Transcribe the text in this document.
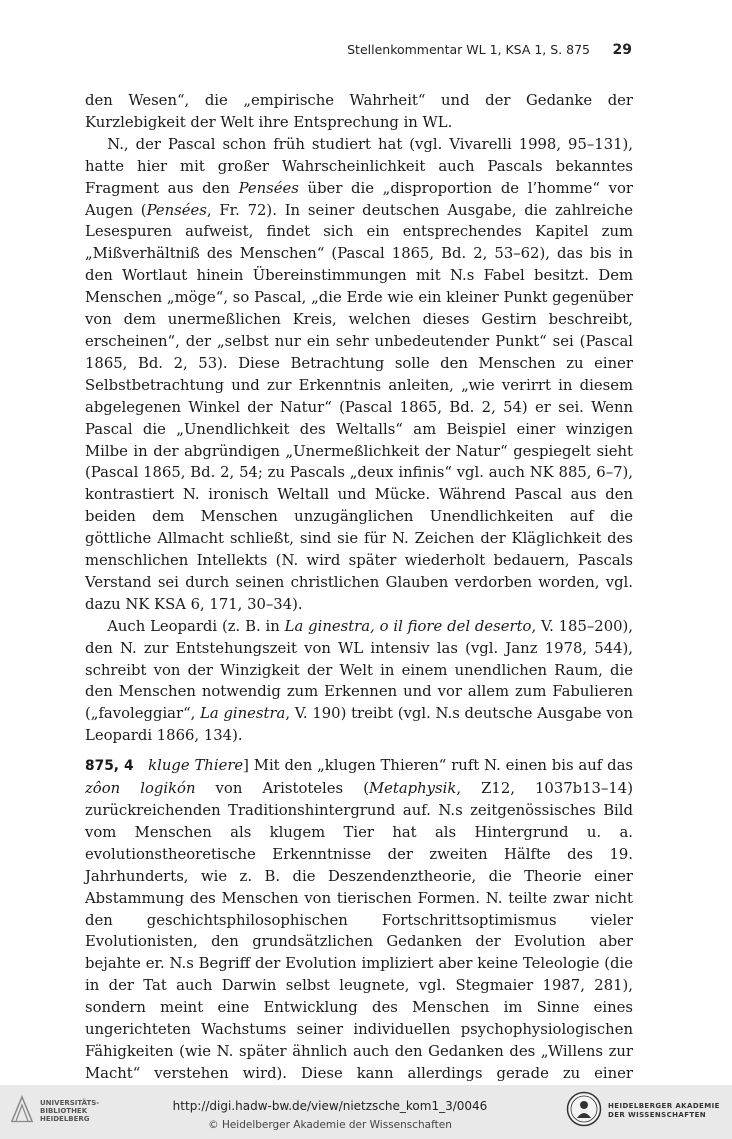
Stellenkommentar WL 1, KSA 1, S. 875 29

den Wesen“, die „empirische Wahrheit“ und der Gedanke der Kurzlebigkeit der Welt ihre Entsprechung in WL.

N., der Pascal schon früh studiert hat (vgl. Vivarelli 1998, 95–131), hatte hier mit großer Wahrscheinlichkeit auch Pascals bekanntes Fragment aus den Pensées über die „disproportion de l’homme“ vor Augen (Pensées, Fr. 72). In seiner deutschen Ausgabe, die zahlreiche Lesespuren aufweist, findet sich ein entsprechendes Kapitel zum „Mißverhältniß des Menschen“ (Pascal 1865, Bd. 2, 53–62), das bis in den Wortlaut hinein Übereinstimmungen mit N.s Fabel besitzt. Dem Menschen „möge“, so Pascal, „die Erde wie ein kleiner Punkt gegenüber von dem unermeßlichen Kreis, welchen dieses Gestirn beschreibt, erscheinen“, der „selbst nur ein sehr unbedeutender Punkt“ sei (Pascal 1865, Bd. 2, 53). Diese Betrachtung solle den Menschen zu einer Selbstbetrachtung und zur Erkenntnis anleiten, „wie verirrt in diesem abgelegenen Winkel der Natur“ (Pascal 1865, Bd. 2, 54) er sei. Wenn Pascal die „Unendlichkeit des Weltalls“ am Beispiel einer winzigen Milbe in der abgründigen „Unermeßlichkeit der Natur“ gespiegelt sieht (Pascal 1865, Bd. 2, 54; zu Pascals „deux infinis“ vgl. auch NK 885, 6–7), kontrastiert N. ironisch Weltall und Mücke. Während Pascal aus den beiden dem Menschen unzugänglichen Unendlichkeiten auf die göttliche Allmacht schließt, sind sie für N. Zeichen der Kläglichkeit des menschlichen Intellekts (N. wird später wiederholt bedauern, Pascals Verstand sei durch seinen christlichen Glauben verdorben worden, vgl. dazu NK KSA 6, 171, 30–34).

Auch Leopardi (z. B. in La ginestra, o il fiore del deserto, V. 185–200), den N. zur Entstehungszeit von WL intensiv las (vgl. Janz 1978, 544), schreibt von der Winzigkeit der Welt in einem unendlichen Raum, die den Menschen notwendig zum Erkennen und vor allem zum Fabulieren („favoleggiar“, La ginestra, V. 190) treibt (vgl. N.s deutsche Ausgabe von Leopardi 1866, 134).

875, 4 kluge Thiere] Mit den „klugen Thieren“ ruft N. einen bis auf das zôon logikón von Aristoteles (Metaphysik, Z12, 1037b13–14) zurückreichenden Traditionshintergrund auf. N.s zeitgenössisches Bild vom Menschen als klugem Tier hat als Hintergrund u. a. evolutionstheoretische Erkenntnisse der zweiten Hälfte des 19. Jahrhunderts, wie z. B. die Deszendenztheorie, die Theorie einer Abstammung des Menschen von tierischen Formen. N. teilte zwar nicht den geschichtsphilosophischen Fortschrittsoptimismus vieler Evolutionisten, den grundsätzlichen Gedanken der Evolution aber bejahte er. N.s Begriff der Evolution impliziert aber keine Teleologie (die in der Tat auch Darwin selbst leugnete, vgl. Stegmaier 1987, 281), sondern meint eine Entwicklung des Menschen im Sinne eines ungerichteten Wachstums seiner individuellen psychophysiologischen Fähigkeiten (wie N. später ähnlich auch den Gedanken des „Willens zur Macht“ verstehen wird). Diese kann allerdings gerade zu einer

UNIVERSITÄTS-
BIBLIOTHEK
HEIDELBERG
http://digi.hadw-bw.de/view/nietzsche_kom1_3/0046
© Heidelberger Akademie der Wissenschaften
HEIDELBERGER AKADEMIE
DER WISSENSCHAFTEN
